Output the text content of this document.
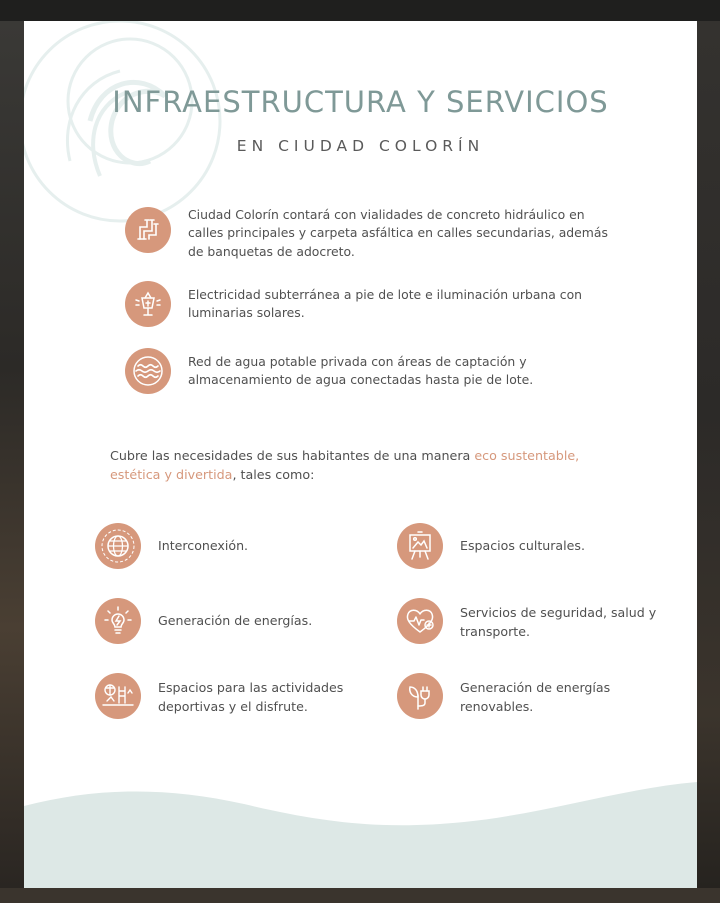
INFRAESTRUCTURA Y SERVICIOS
EN CIUDAD COLORÍN
Ciudad Colorín contará con vialidades de concreto hidráulico en calles principales y carpeta asfáltica en calles secundarias, además de banquetas de adocreto.
Electricidad subterránea a pie de lote e iluminación urbana con luminarias solares.
Red de agua potable privada con áreas de captación y almacenamiento de agua conectadas hasta pie de lote.
Cubre las necesidades de sus habitantes de una manera eco sustentable, estética y divertida, tales como:
Interconexión.
Generación de energías.
Espacios para las actividades deportivas y el disfrute.
Espacios culturales.
Servicios de seguridad, salud y transporte.
Generación de energías renovables.
